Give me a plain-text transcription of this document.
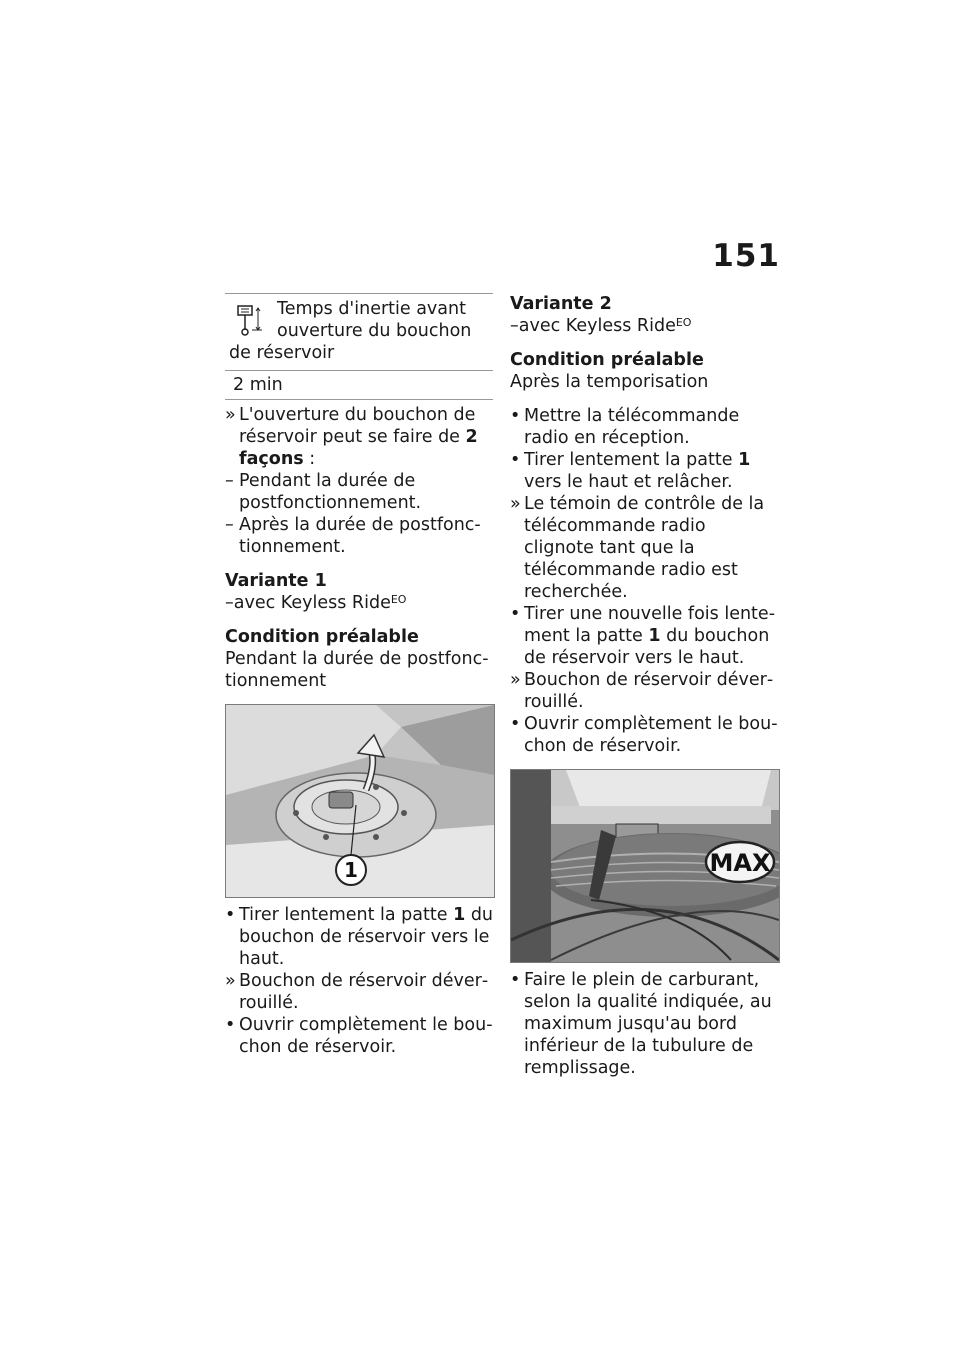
151
Temps d'inertie avant
ouverture du bouchon
de réservoir
2 min
» L'ouverture du bouchon de réservoir peut se faire de 2 façons :
– Pendant la durée de postfonctionnement.
– Après la durée de postfonctionnement.
Variante 1
–avec Keyless Ride$^{EO}$
Condition préalable
Pendant la durée de postfonctionnement
1
• Tirer lentement la patte 1 du bouchon de réservoir vers le haut.
» Bouchon de réservoir déverrouillé.
• Ouvrir complètement le bouchon de réservoir.
Variante 2
–avec Keyless Ride$^{EO}$
Condition préalable
Après la temporisation
• Mettre la télécommande radio en réception.
• Tirer lentement la patte 1 vers le haut et relâcher.
» Le témoin de contrôle de la télécommande radio clignote tant que la télécommande radio est recherchée.
• Tirer une nouvelle fois lentement la patte 1 du bouchon de réservoir vers le haut.
» Bouchon de réservoir déverrouillé.
• Ouvrir complètement le bouchon de réservoir.
MAX
• Faire le plein de carburant, selon la qualité indiquée, au maximum jusqu'au bord inférieur de la tubulure de remplissage.
